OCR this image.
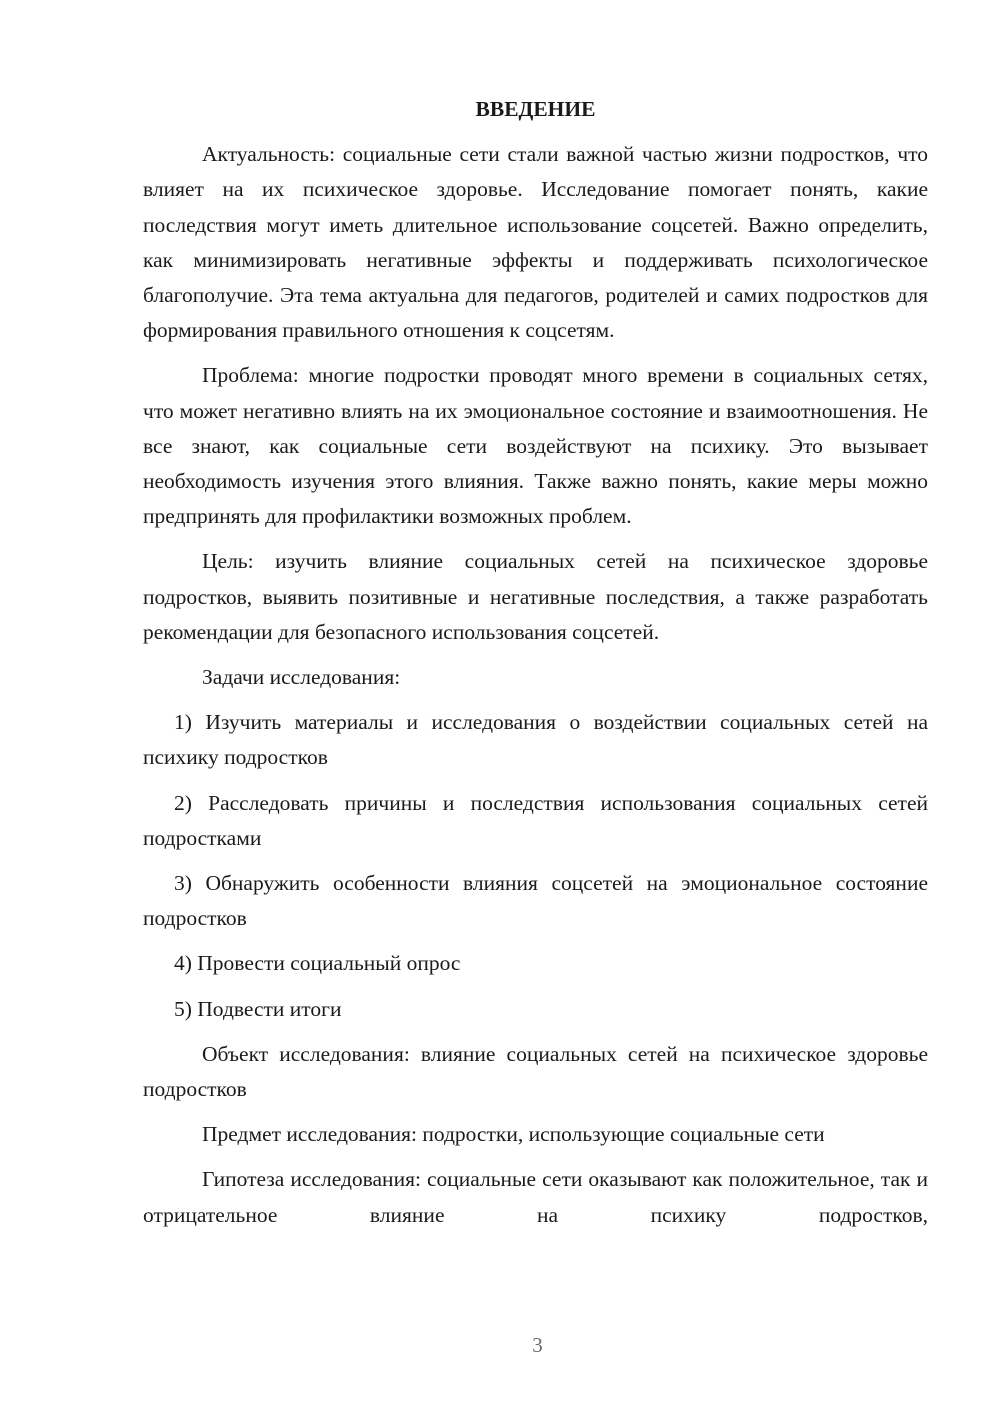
ВВЕДЕНИЕ

Актуальность: социальные сети стали важной частью жизни подростков, что влияет на их психическое здоровье. Исследование помогает понять, какие последствия могут иметь длительное использование соцсетей. Важно определить, как минимизировать негативные эффекты и поддерживать психологическое благополучие. Эта тема актуальна для педагогов, родителей и самих подростков для формирования правильного отношения к соцсетям.

Проблема: многие подростки проводят много времени в социальных сетях, что может негативно влиять на их эмоциональное состояние и взаимоотношения. Не все знают, как социальные сети воздействуют на психику. Это вызывает необходимость изучения этого влияния. Также важно понять, какие меры можно предпринять для профилактики возможных проблем.

Цель: изучить влияние социальных сетей на психическое здоровье подростков, выявить позитивные и негативные последствия, а также разработать рекомендации для безопасного использования соцсетей.

Задачи исследования:

1) Изучить материалы и исследования о воздействии социальных сетей на психику подростков

2) Расследовать причины и последствия использования социальных сетей подростками

3) Обнаружить особенности влияния соцсетей на эмоциональное состояние подростков

4) Провести социальный опрос

5) Подвести итоги

Объект исследования: влияние социальных сетей на психическое здоровье подростков

Предмет исследования: подростки, использующие социальные сети

Гипотеза исследования: социальные сети оказывают как положительное, так и отрицательное влияние на психику подростков,

3
